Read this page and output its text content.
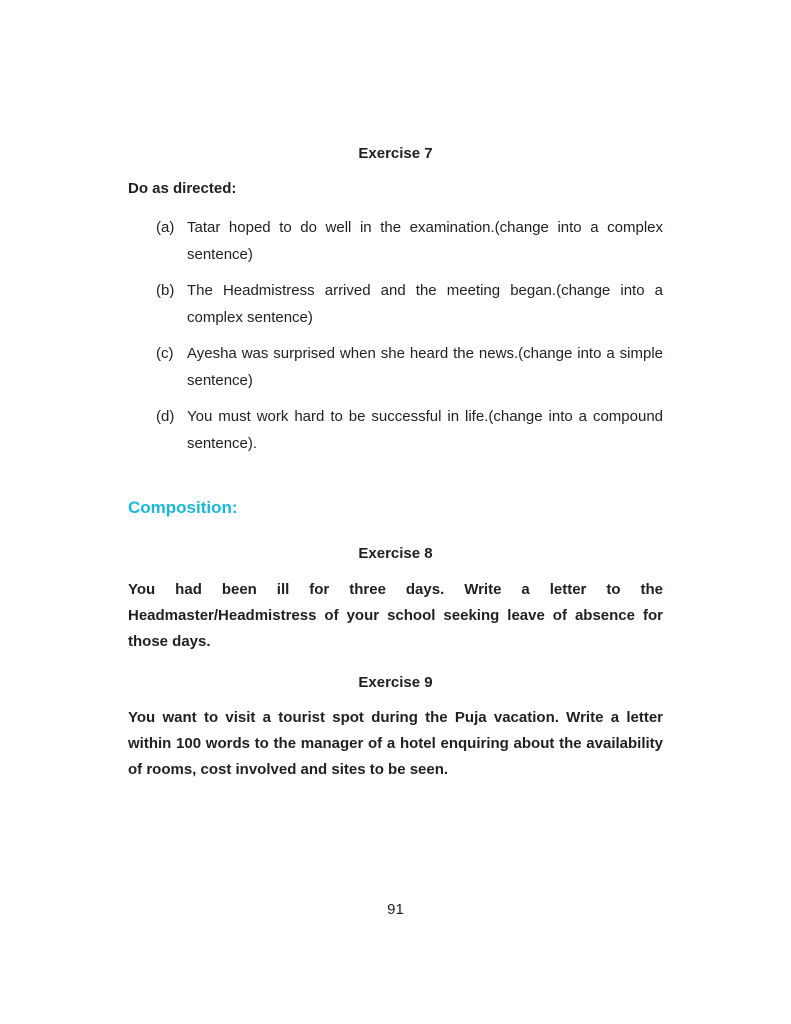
Exercise 7
Do as directed:
(a) Tatar hoped to do well in the examination.(change into a complex sentence)
(b) The Headmistress arrived and the meeting began.(change into a complex sentence)
(c) Ayesha was surprised when she heard the news.(change into a simple sentence)
(d) You must work hard to be successful in life.(change into a compound sentence).
Composition:
Exercise 8
You had been ill for three days. Write a letter to the Headmaster/Headmistress of your school seeking leave of absence for those days.
Exercise 9
You want to visit a tourist spot during the Puja vacation. Write a letter within 100 words to the manager of a hotel enquiring about the availability of rooms, cost involved and sites to be seen.
91
